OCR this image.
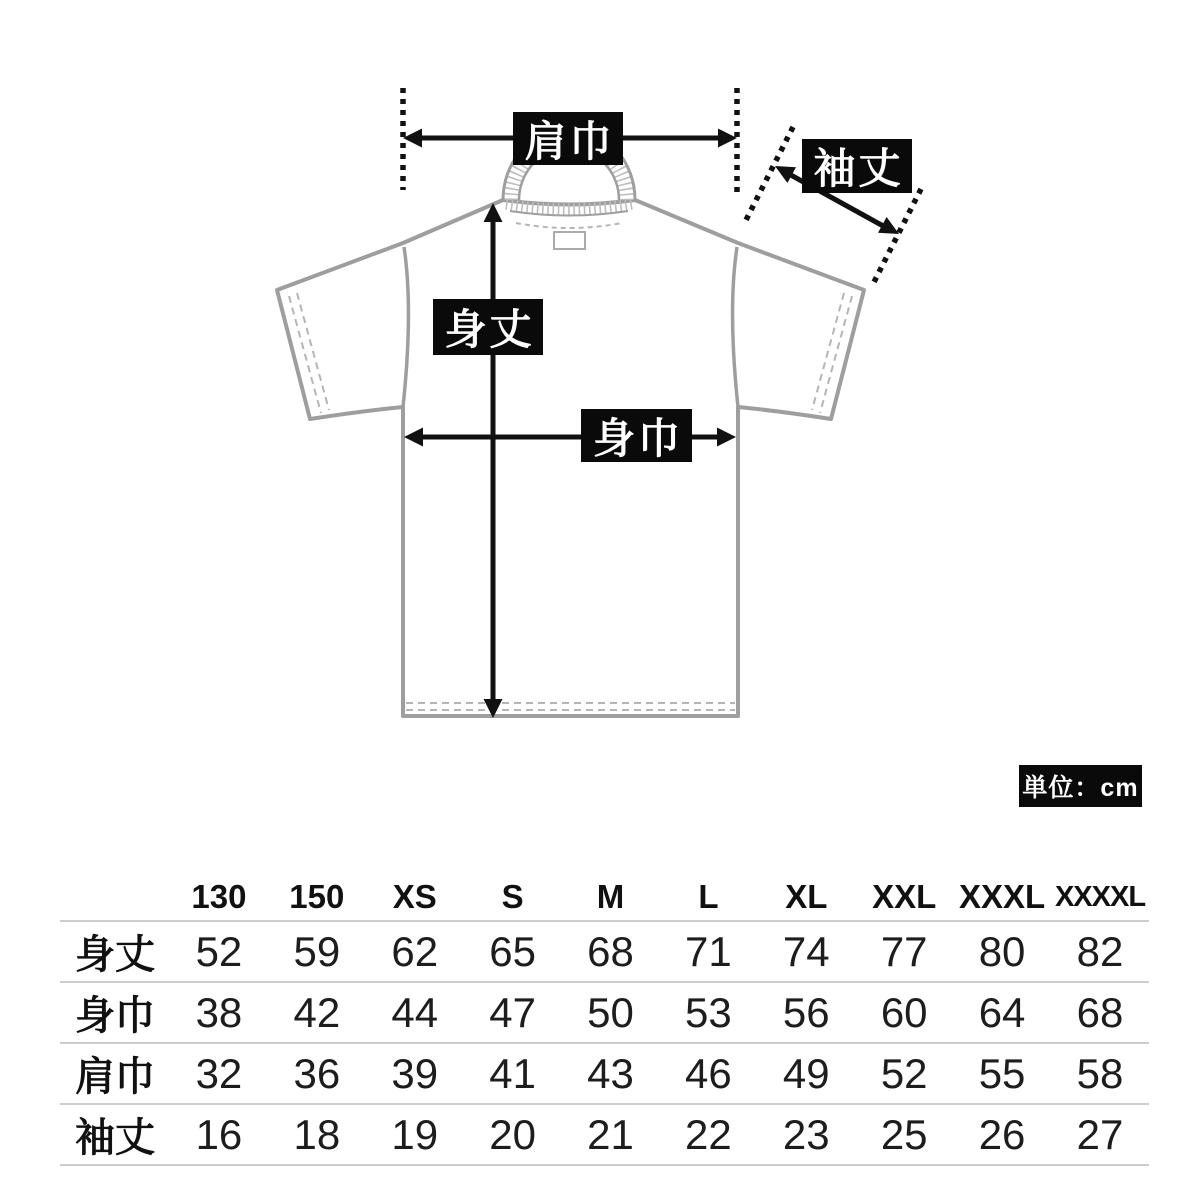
肩巾
袖丈
身丈
身巾
単位：cm
	130	150	XS	S	M	L	XL	XXL	XXXL	XXXXL
身丈	52	59	62	65	68	71	74	77	80	82
身巾	38	42	44	47	50	53	56	60	64	68
肩巾	32	36	39	41	43	46	49	52	55	58
袖丈	16	18	19	20	21	22	23	25	26	27
